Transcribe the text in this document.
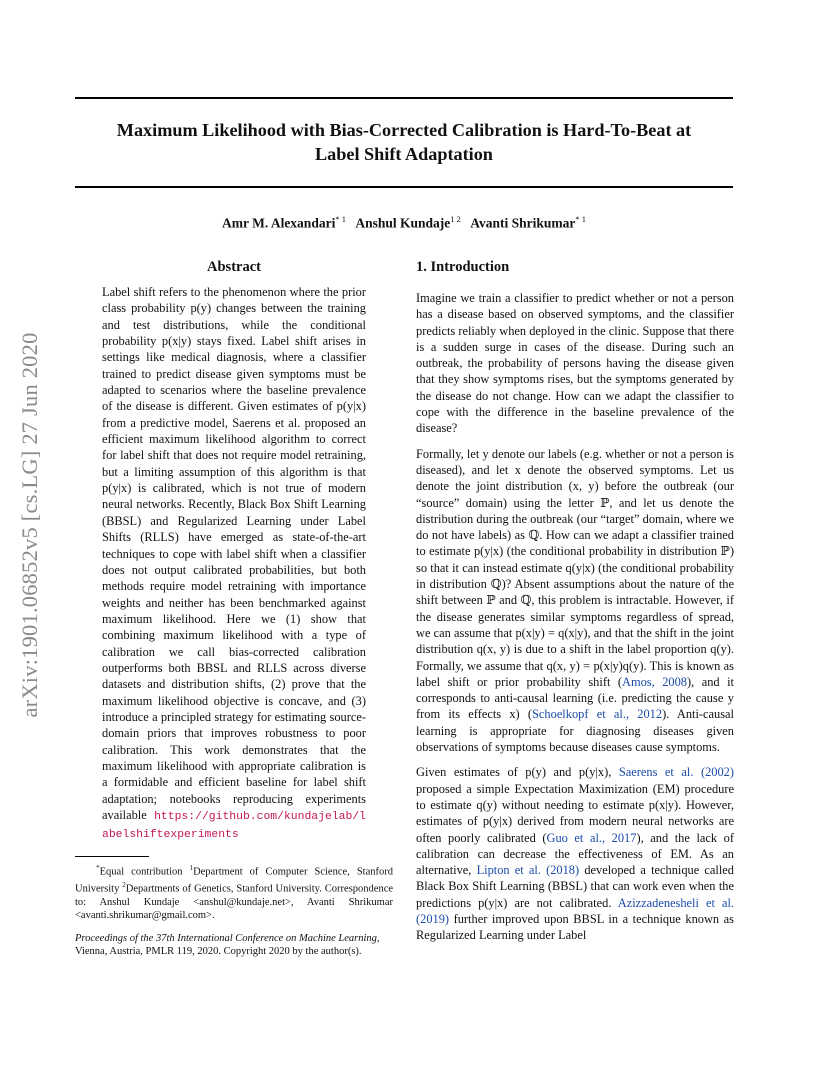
arXiv:1901.06852v5 [cs.LG] 27 Jun 2020
Maximum Likelihood with Bias-Corrected Calibration is Hard-To-Beat at
Label Shift Adaptation
Amr M. Alexandari$^{* 1}$ Anshul Kundaje$^{1 2}$ Avanti Shrikumar$^{* 1}$
Abstract
Label shift refers to the phenomenon where the prior class probability p(y) changes between the training and test distributions, while the conditional probability p(x|y) stays fixed. Label shift arises in settings like medical diagnosis, where a classifier trained to predict disease given symptoms must be adapted to scenarios where the baseline prevalence of the disease is different. Given estimates of p(y|x) from a predictive model, Saerens et al. proposed an efficient maximum likelihood algorithm to correct for label shift that does not require model retraining, but a limiting assumption of this algorithm is that p(y|x) is calibrated, which is not true of modern neural networks. Recently, Black Box Shift Learning (BBSL) and Regularized Learning under Label Shifts (RLLS) have emerged as state-of-the-art techniques to cope with label shift when a classifier does not output calibrated probabilities, but both methods require model retraining with importance weights and neither has been benchmarked against maximum likelihood. Here we (1) show that combining maximum likelihood with a type of calibration we call bias-corrected calibration outperforms both BBSL and RLLS across diverse datasets and distribution shifts, (2) prove that the maximum likelihood objective is concave, and (3) introduce a principled strategy for estimating source-domain priors that improves robustness to poor calibration. This work demonstrates that the maximum likelihood with appropriate calibration is a formidable and efficient baseline for label shift adaptation; notebooks reproducing experiments available https://github.com/kundajelab/labelshiftexperiments
*Equal contribution $^1$Department of Computer Science, Stanford University $^2$Departments of Genetics, Stanford University. Correspondence to: Anshul Kundaje <anshul@kundaje.net>, Avanti Shrikumar <avanti.shrikumar@gmail.com>.
Proceedings of the 37th International Conference on Machine Learning, Vienna, Austria, PMLR 119, 2020. Copyright 2020 by the author(s).
1. Introduction

Imagine we train a classifier to predict whether or not a person has a disease based on observed symptoms, and the classifier predicts reliably when deployed in the clinic. Suppose that there is a sudden surge in cases of the disease. During such an outbreak, the probability of persons having the disease given that they show symptoms rises, but the symptoms generated by the disease do not change. How can we adapt the classifier to cope with the difference in the baseline prevalence of the disease?

Formally, let y denote our labels (e.g. whether or not a person is diseased), and let x denote the observed symptoms. Let us denote the joint distribution (x, y) before the outbreak (our “source” domain) using the letter ℙ, and let us denote the distribution during the outbreak (our “target” domain, where we do not have labels) as ℚ. How can we adapt a classifier trained to estimate p(y|x) (the conditional probability in distribution ℙ) so that it can instead estimate q(y|x) (the conditional probability in distribution ℚ)? Absent assumptions about the nature of the shift between ℙ and ℚ, this problem is intractable. However, if the disease generates similar symptoms regardless of spread, we can assume that p(x|y) = q(x|y), and that the shift in the joint distribution q(x, y) is due to a shift in the label proportion q(y). Formally, we assume that q(x, y) = p(x|y)q(y). This is known as label shift or prior probability shift (Amos, 2008), and it corresponds to anti-causal learning (i.e. predicting the cause y from its effects x) (Schoelkopf et al., 2012). Anti-causal learning is appropriate for diagnosing diseases given observations of symptoms because diseases cause symptoms.

Given estimates of p(y) and p(y|x), Saerens et al. (2002) proposed a simple Expectation Maximization (EM) procedure to estimate q(y) without needing to estimate p(x|y). However, estimates of p(y|x) derived from modern neural networks are often poorly calibrated (Guo et al., 2017), and the lack of calibration can decrease the effectiveness of EM. As an alternative, Lipton et al. (2018) developed a technique called Black Box Shift Learning (BBSL) that can work even when the predictions p(y|x) are not calibrated. Azizzadenesheli et al. (2019) further improved upon BBSL in a technique known as Regularized Learning under Label
